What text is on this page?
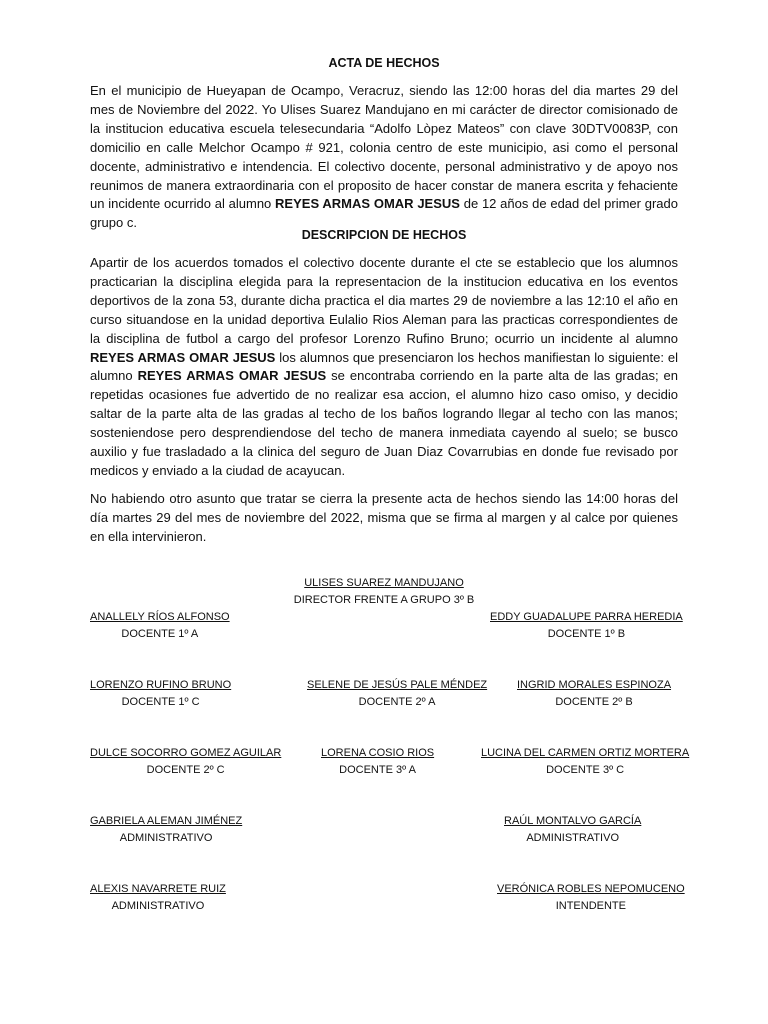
ACTA DE HECHOS

En el municipio de Hueyapan de Ocampo, Veracruz, siendo las 12:00 horas del dia martes 29 del mes de Noviembre del 2022. Yo Ulises Suarez Mandujano en mi carácter de director comisionado de la institucion educativa escuela telesecundaria “Adolfo Lòpez Mateos” con clave 30DTV0083P, con domicilio en calle Melchor Ocampo # 921, colonia centro de este municipio, asi como el personal docente, administrativo e intendencia. El colectivo docente, personal administrativo y de apoyo nos reunimos de manera extraordinaria con el proposito de hacer constar de manera escrita y fehaciente un incidente ocurrido al alumno REYES ARMAS OMAR JESUS de 12 años de edad del primer grado grupo c.

DESCRIPCION DE HECHOS

Apartir de los acuerdos tomados el colectivo docente durante el cte se establecio que los alumnos practicarian la disciplina elegida para la representacion de la institucion educativa en los eventos deportivos de la zona 53, durante dicha practica el dia martes 29 de noviembre a las 12:10 el año en curso situandose en la unidad deportiva Eulalio Rios Aleman para las practicas correspondientes de la disciplina de futbol a cargo del profesor Lorenzo Rufino Bruno; ocurrio un incidente al alumno REYES ARMAS OMAR JESUS los alumnos que presenciaron los hechos manifiestan lo siguiente: el alumno REYES ARMAS OMAR JESUS se encontraba corriendo en la parte alta de las gradas; en repetidas ocasiones fue advertido de no realizar esa accion, el alumno hizo caso omiso, y decidio saltar de la parte alta de las gradas al techo de los baños logrando llegar al techo con las manos; sosteniendose pero desprendiendose del techo de manera inmediata cayendo al suelo; se busco auxilio y fue trasladado a la clinica del seguro de Juan Diaz Covarrubias en donde fue revisado por medicos y enviado a la ciudad de acayucan.

No habiendo otro asunto que tratar se cierra la presente acta de hechos siendo las 14:00 horas del día martes 29 del mes de noviembre del 2022, misma que se firma al margen y al calce por quienes en ella intervinieron.

ULISES SUAREZ MANDUJANO
DIRECTOR FRENTE A GRUPO 3º B
ANALLELY RÍOS ALFONSO
DOCENTE 1º A
EDDY GUADALUPE PARRA HEREDIA
DOCENTE 1º B
LORENZO RUFINO BRUNO
DOCENTE 1º C
SELENE DE JESÚS PALE MÉNDEZ
DOCENTE 2º A
INGRID MORALES ESPINOZA
DOCENTE 2º B
DULCE SOCORRO GOMEZ AGUILAR
DOCENTE 2º C
LORENA COSIO RIOS
DOCENTE 3º A
LUCINA DEL CARMEN ORTIZ MORTERA
DOCENTE 3º C
GABRIELA ALEMAN JIMÉNEZ
ADMINISTRATIVO
RAÚL MONTALVO GARCÍA
ADMINISTRATIVO
ALEXIS NAVARRETE RUIZ
ADMINISTRATIVO
VERÓNICA ROBLES NEPOMUCENO
INTENDENTE
